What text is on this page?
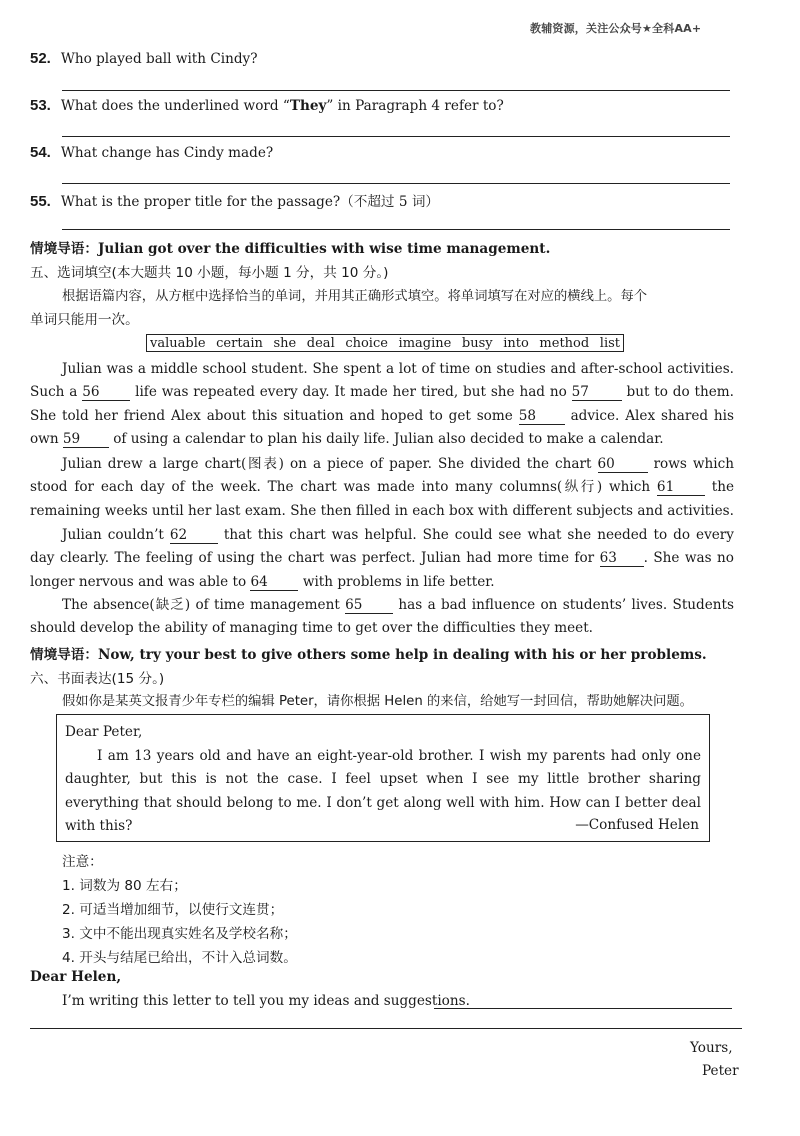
教辅资源，关注公众号★全科AA+
52. Who played ball with Cindy?
53. What does the underlined word “They” in Paragraph 4 refer to?
54. What change has Cindy made?
55. What is the proper title for the passage?（不超过 5 词）
情境导语：Julian got over the difficulties with wise time management.
五、选词填空(本大题共 10 小题，每小题 1 分，共 10 分。)
根据语篇内容，从方框中选择恰当的单词，并用其正确形式填空。将单词填写在对应的横线上。每个
单词只能用一次。
valuable certain she deal choice imagine busy into method list
Julian was a middle school student. She spent a lot of time on studies and after-school activities. Such a 56	life was repeated every day. It made her tired, but she had no 57	but to do them. She told her friend Alex about this situation and hoped to get some 58	advice. Alex shared his own 59 of using a calendar to plan his daily life. Julian also decided to make a calendar.
Julian drew a large chart(图表) on a piece of paper. She divided the chart 60	rows which stood for each day of the week. The chart was made into many columns(纵行) which 61	the remaining weeks until her last exam. She then filled in each box with different subjects and activities.
Julian couldn’t 62	that this chart was helpful. She could see what she needed to do every day clearly. The feeling of using the chart was perfect. Julian had more time for 63 . She was no longer nervous and was able to 64	with problems in life better.
The absence(缺乏) of time management 65	has a bad influence on students’ lives. Students should develop the ability of managing time to get over the difficulties they meet.
情境导语：Now, try your best to give others some help in dealing with his or her problems.
六、书面表达(15 分。)
假如你是某英文报青少年专栏的编辑 Peter，请你根据 Helen 的来信，给她写一封回信，帮助她解决问题。
Dear Peter,
I am 13 years old and have an eight-year-old brother. I wish my parents had only one daughter, but this is not the case. I feel upset when I see my little brother sharing everything that should belong to me. I don’t get along well with him. How can I better deal with this?	—Confused Helen
注意：
1. 词数为 80 左右；
2. 可适当增加细节，以使行文连贯；
3. 文中不能出现真实姓名及学校名称；
4. 开头与结尾已给出，不计入总词数。
Dear Helen,
I’m writing this letter to tell you my ideas and suggestions.
Yours,
Peter
